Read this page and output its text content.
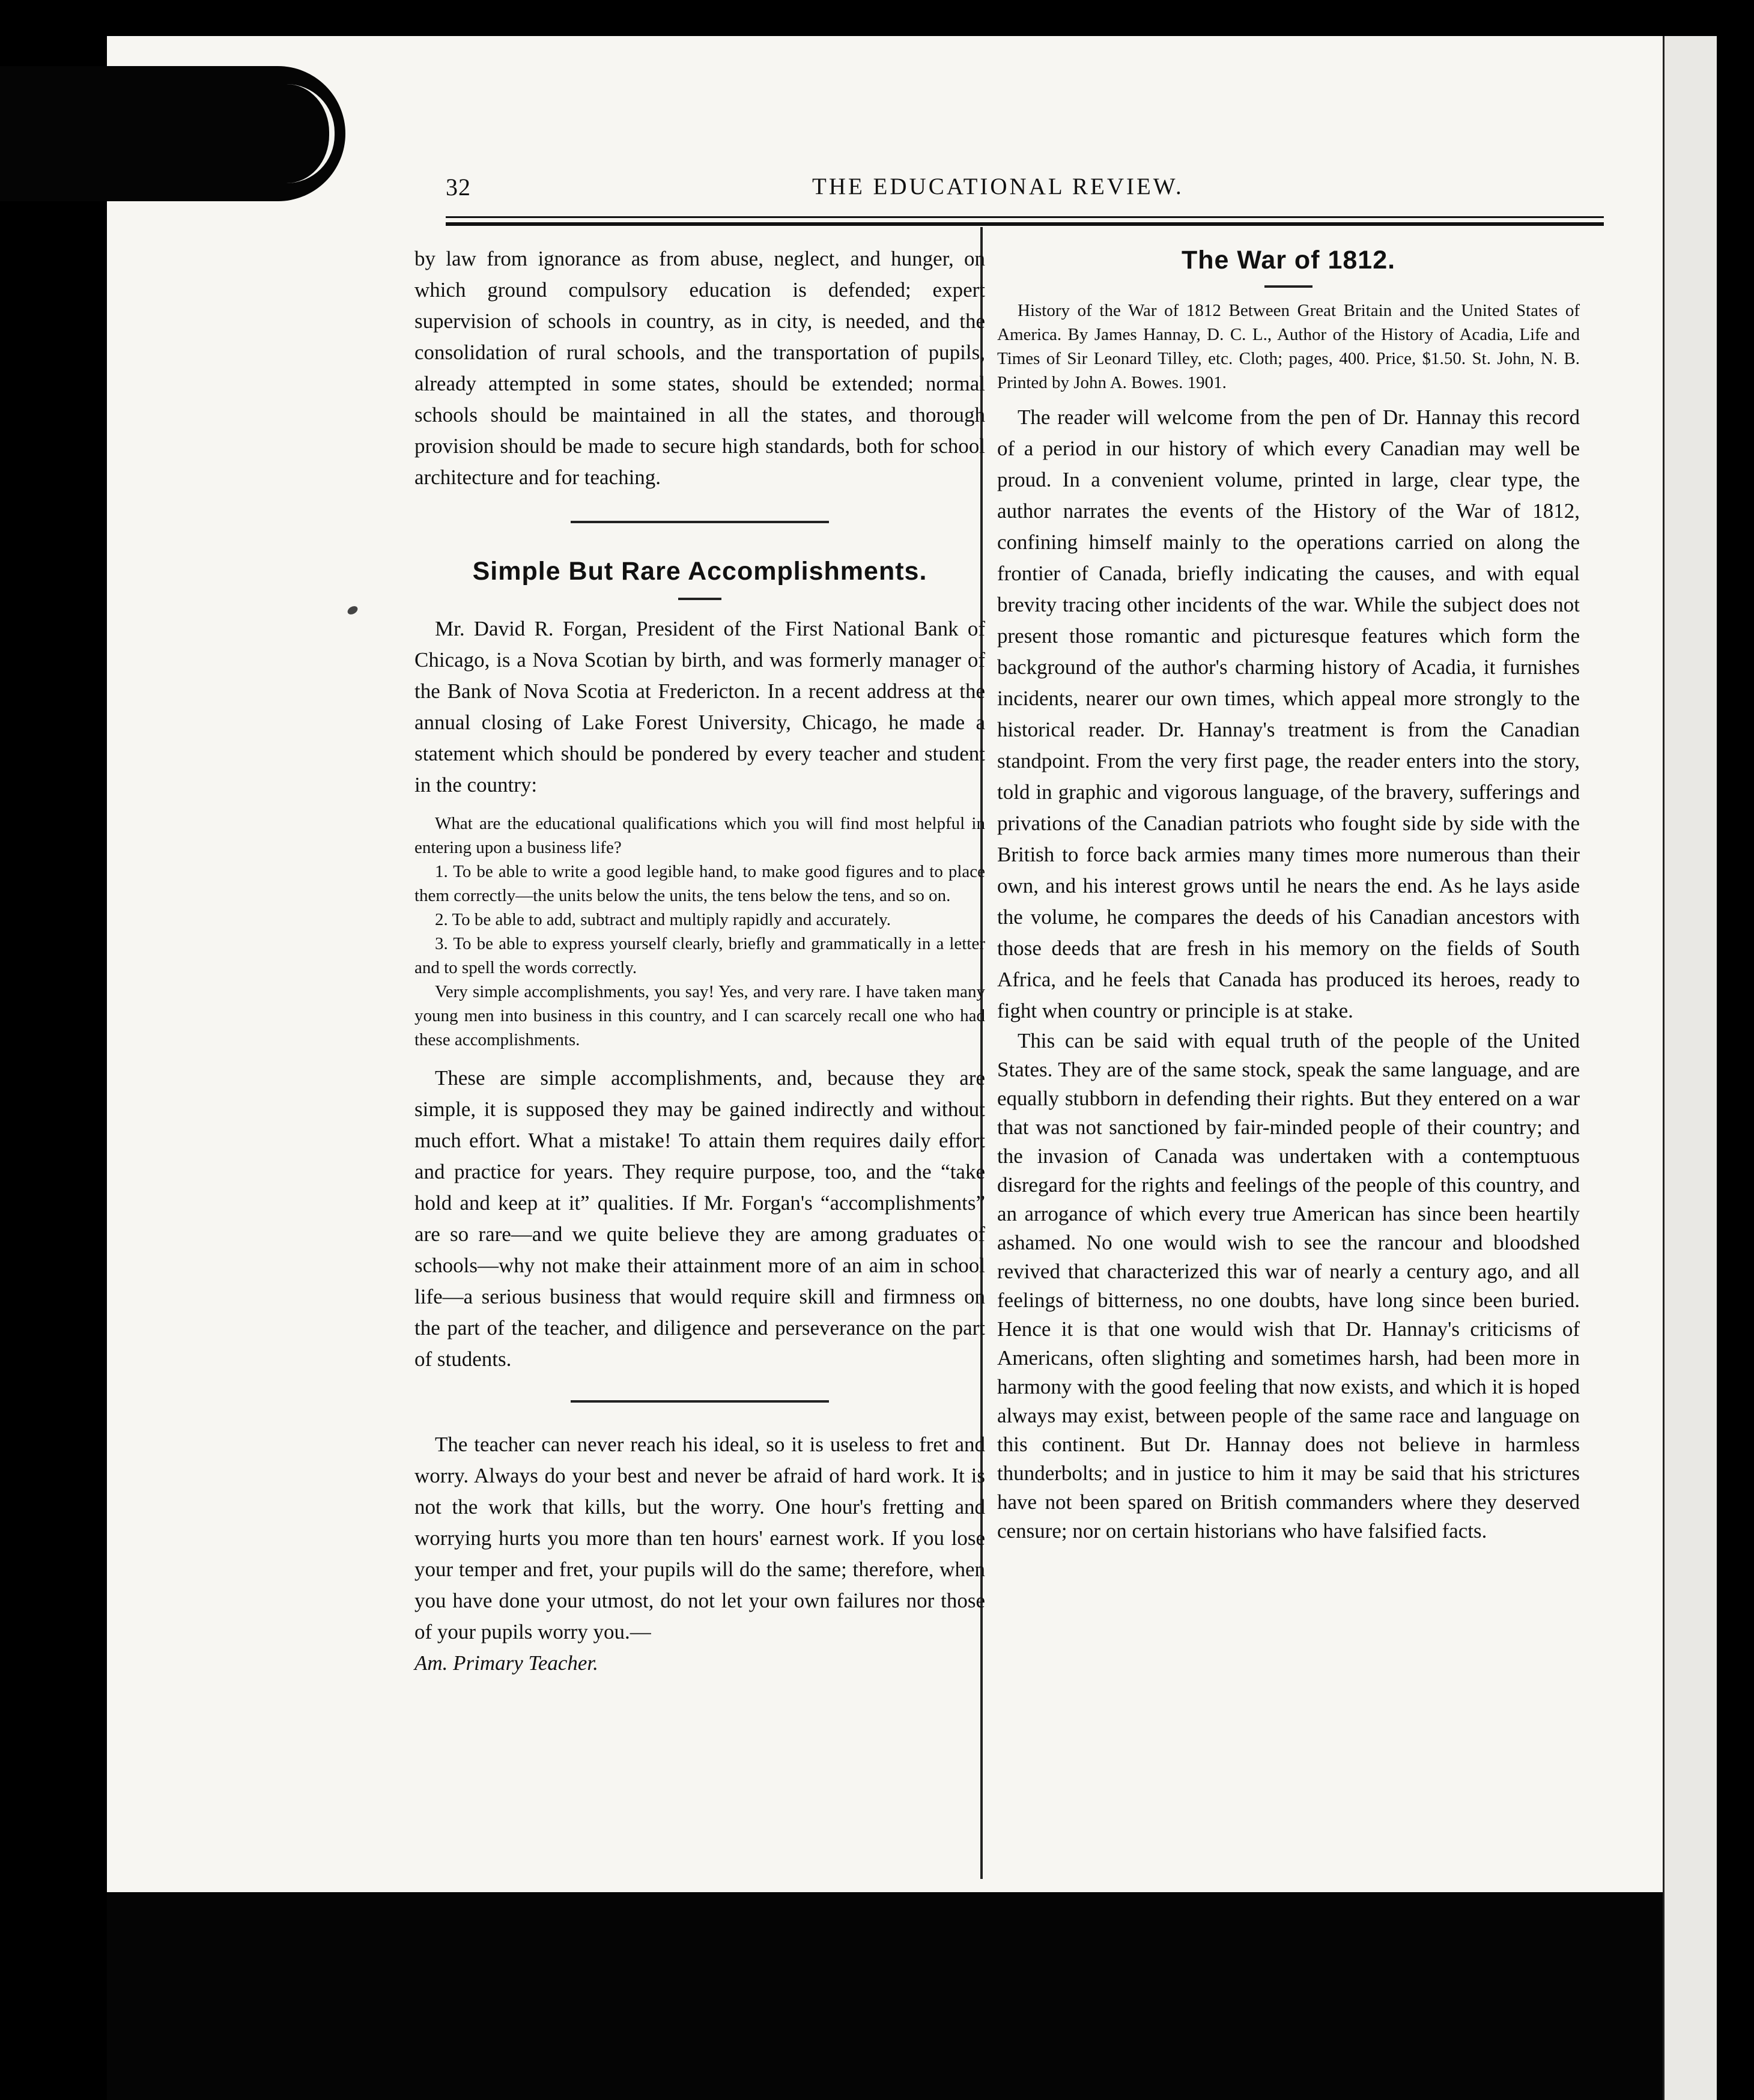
32	THE EDUCATIONAL REVIEW.

by law from ignorance as from abuse, neglect, and hunger, on which ground compulsory education is defended; expert supervision of schools in country, as in city, is needed, and the consolidation of rural schools, and the transportation of pupils, already attempted in some states, should be extended; normal schools should be maintained in all the states, and thorough provision should be made to secure high standards, both for school architecture and for teaching.

Simple But Rare Accomplishments.

Mr. David R. Forgan, President of the First National Bank of Chicago, is a Nova Scotian by birth, and was formerly manager of the Bank of Nova Scotia at Fredericton. In a recent address at the annual closing of Lake Forest University, Chicago, he made a statement which should be pondered by every teacher and student in the country:

What are the educational qualifications which you will find most helpful in entering upon a business life?

1. To be able to write a good legible hand, to make good figures and to place them correctly—the units below the units, the tens below the tens, and so on.

2. To be able to add, subtract and multiply rapidly and accurately.

3. To be able to express yourself clearly, briefly and grammatically in a letter and to spell the words correctly.

Very simple accomplishments, you say! Yes, and very rare. I have taken many young men into business in this country, and I can scarcely recall one who had these accomplishments.

These are simple accomplishments, and, because they are simple, it is supposed they may be gained indirectly and without much effort. What a mistake! To attain them requires daily effort and practice for years. They require purpose, too, and the “take hold and keep at it” qualities. If Mr. Forgan's “accomplishments” are so rare—and we quite believe they are among graduates of schools—why not make their attainment more of an aim in school life—a serious business that would require skill and firmness on the part of the teacher, and diligence and perseverance on the part of students.

The teacher can never reach his ideal, so it is useless to fret and worry. Always do your best and never be afraid of hard work. It is not the work that kills, but the worry. One hour's fretting and worrying hurts you more than ten hours' earnest work. If you lose your temper and fret, your pupils will do the same; therefore, when you have done your utmost, do not let your own failures nor those of your pupils worry you.—
Am. Primary Teacher.

The War of 1812.

History of the War of 1812 Between Great Britain and the United States of America. By James Hannay, D. C. L., Author of the History of Acadia, Life and Times of Sir Leonard Tilley, etc. Cloth; pages, 400. Price, $1.50. St. John, N. B. Printed by John A. Bowes. 1901.

The reader will welcome from the pen of Dr. Hannay this record of a period in our history of which every Canadian may well be proud. In a convenient volume, printed in large, clear type, the author narrates the events of the History of the War of 1812, confining himself mainly to the operations carried on along the frontier of Canada, briefly indicating the causes, and with equal brevity tracing other incidents of the war. While the subject does not present those romantic and picturesque features which form the background of the author's charming history of Acadia, it furnishes incidents, nearer our own times, which appeal more strongly to the historical reader. Dr. Hannay's treatment is from the Canadian standpoint. From the very first page, the reader enters into the story, told in graphic and vigorous language, of the bravery, sufferings and privations of the Canadian patriots who fought side by side with the British to force back armies many times more numerous than their own, and his interest grows until he nears the end. As he lays aside the volume, he compares the deeds of his Canadian ancestors with those deeds that are fresh in his memory on the fields of South Africa, and he feels that Canada has produced its heroes, ready to fight when country or principle is at stake.

This can be said with equal truth of the people of the United States. They are of the same stock, speak the same language, and are equally stubborn in defending their rights. But they entered on a war that was not sanctioned by fair-minded people of their country; and the invasion of Canada was undertaken with a contemptuous disregard for the rights and feelings of the people of this country, and an arrogance of which every true American has since been heartily ashamed. No one would wish to see the rancour and bloodshed revived that characterized this war of nearly a century ago, and all feelings of bitterness, no one doubts, have long since been buried. Hence it is that one would wish that Dr. Hannay's criticisms of Americans, often slighting and sometimes harsh, had been more in harmony with the good feeling that now exists, and which it is hoped always may exist, between people of the same race and language on this continent. But Dr. Hannay does not believe in harmless thunderbolts; and in justice to him it may be said that his strictures have not been spared on British commanders where they deserved censure; nor on certain historians who have falsified facts.
